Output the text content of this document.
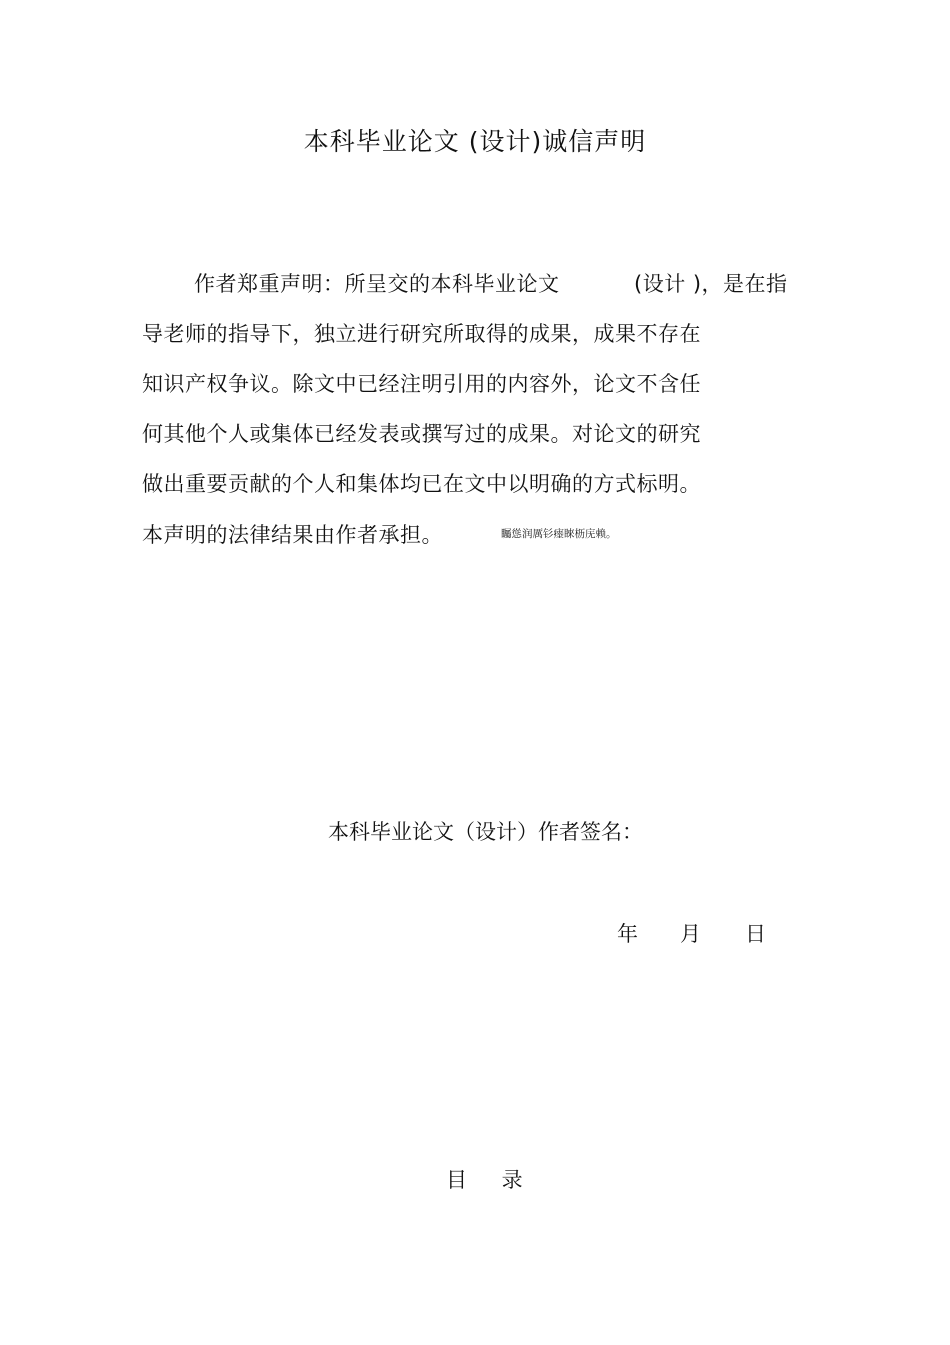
本科毕业论文 (设计)诚信声明
作者郑重声明：所呈交的本科毕业论文	(设计 )，是在指
导老师的指导下，独立进行研究所取得的成果，成果不存在
知识产权争议。除文中已经注明引用的内容外，论文不含任
何其他个人或集体已经发表或撰写过的成果。对论文的研究
做出重要贡献的个人和集体均已在文中以明确的方式标明。
本声明的法律结果由作者承担。	矚慫润厲钐瘗睞枥庑赖。
本科毕业论文（设计）作者签名：
年 月 日
目 录
